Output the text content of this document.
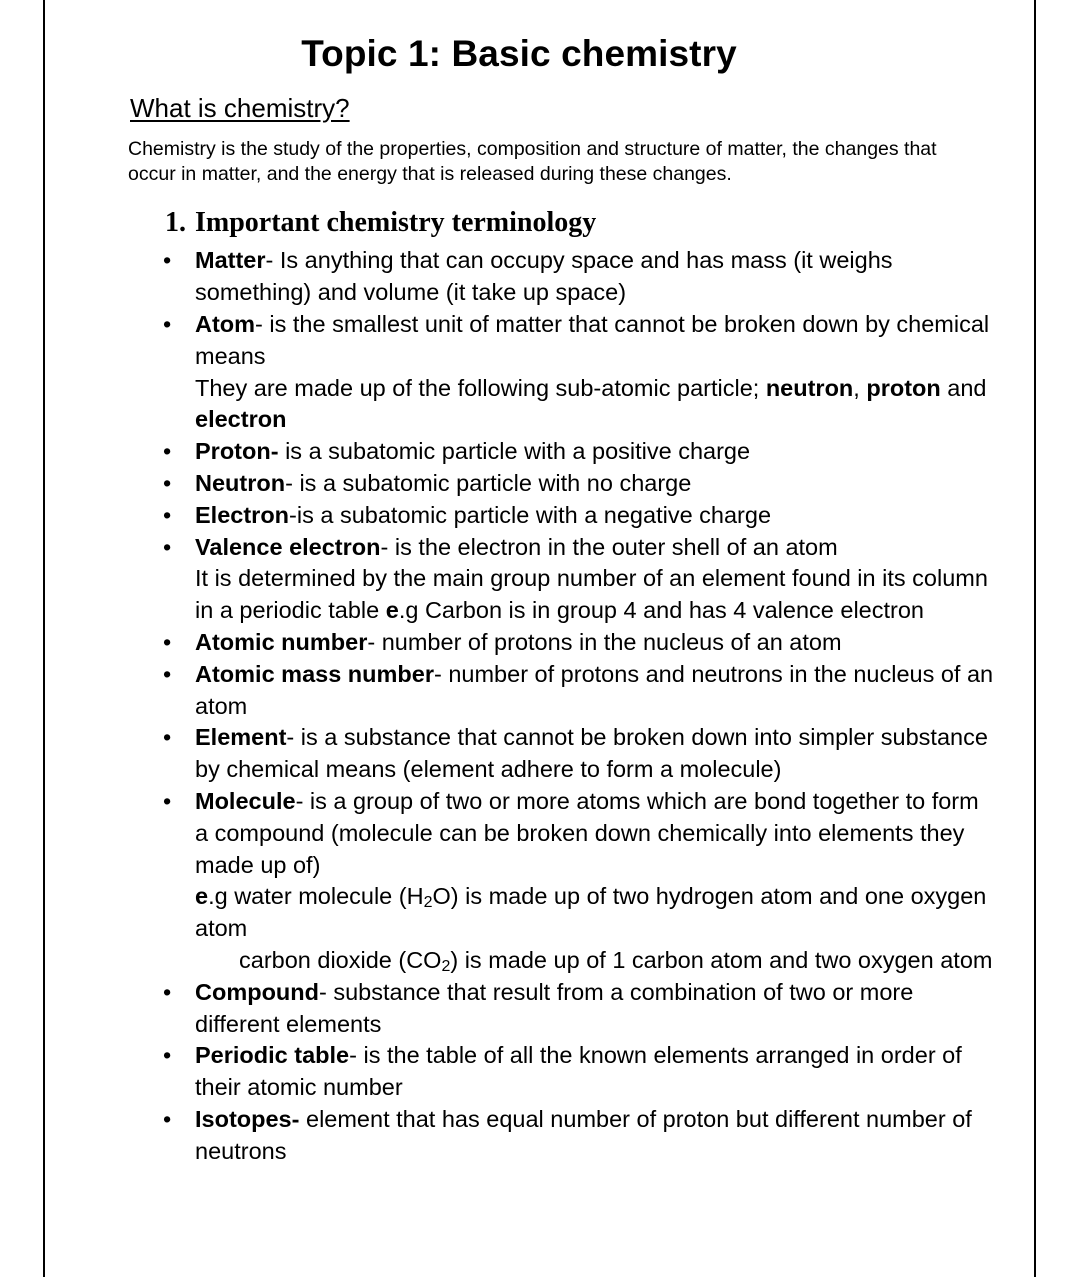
Topic 1: Basic chemistry
What is chemistry?

Chemistry is the study of the properties, composition and structure of matter, the changes that occur in matter, and the energy that is released during these changes.

1. Important chemistry terminology
• Matter- Is anything that can occupy space and has mass (it weighs something) and volume (it take up space)
• Atom- is the smallest unit of matter that cannot be broken down by chemical means
They are made up of the following sub-atomic particle; neutron, proton and electron
• Proton- is a subatomic particle with a positive charge
• Neutron- is a subatomic particle with no charge
• Electron-is a subatomic particle with a negative charge
• Valence electron- is the electron in the outer shell of an atom
It is determined by the main group number of an element found in its column in a periodic table e.g Carbon is in group 4 and has 4 valence electron
• Atomic number- number of protons in the nucleus of an atom
• Atomic mass number- number of protons and neutrons in the nucleus of an atom
• Element- is a substance that cannot be broken down into simpler substance by chemical means (element adhere to form a molecule)
• Molecule- is a group of two or more atoms which are bond together to form a compound (molecule can be broken down chemically into elements they made up of)
e.g water molecule $(H_2O)$ is made up of two hydrogen atom and one oxygen atom
carbon dioxide $(CO_2)$ is made up of 1 carbon atom and two oxygen atom
• Compound- substance that result from a combination of two or more different elements
• Periodic table- is the table of all the known elements arranged in order of their atomic number
• Isotopes- element that has equal number of proton but different number of neutrons
